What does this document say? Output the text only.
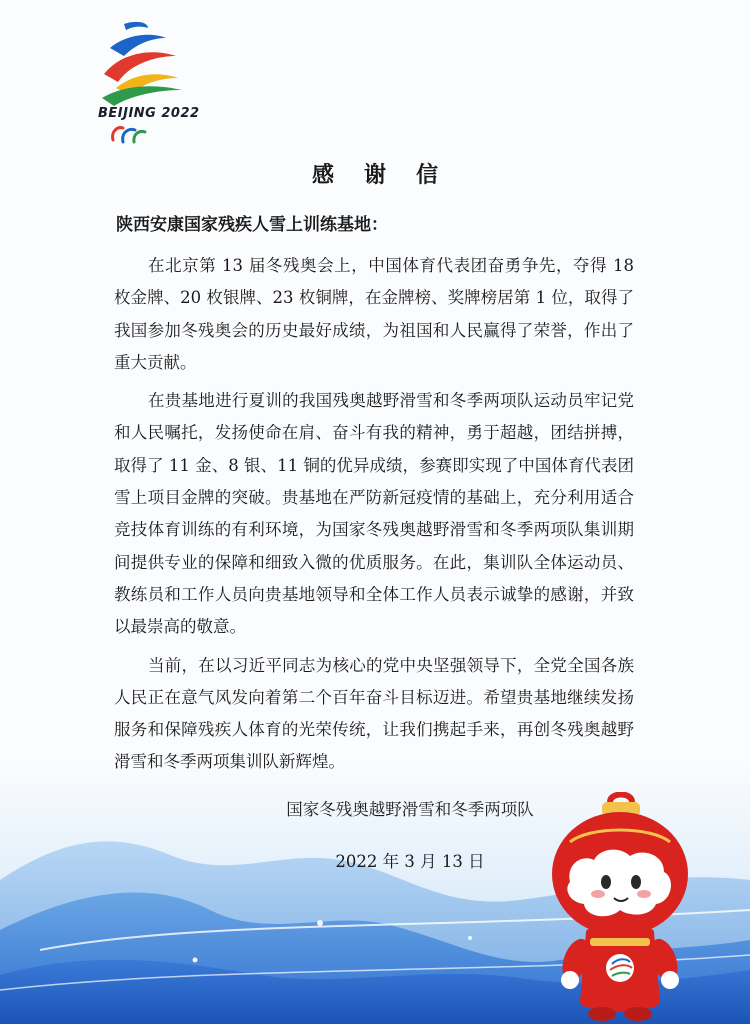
BEIJING 2022
感谢信
陕西安康国家残疾人雪上训练基地：

在北京第 13 届冬残奥会上，中国体育代表团奋勇争先，夺得 18 枚金牌、20 枚银牌、23 枚铜牌，在金牌榜、奖牌榜居第 1 位，取得了我国参加冬残奥会的历史最好成绩，为祖国和人民赢得了荣誉，作出了重大贡献。

在贵基地进行夏训的我国残奥越野滑雪和冬季两项队运动员牢记党和人民嘱托，发扬使命在肩、奋斗有我的精神，勇于超越，团结拼搏，取得了 11 金、8 银、11 铜的优异成绩，参赛即实现了中国体育代表团雪上项目金牌的突破。贵基地在严防新冠疫情的基础上，充分利用适合竞技体育训练的有利环境，为国家冬残奥越野滑雪和冬季两项队集训期间提供专业的保障和细致入微的优质服务。在此，集训队全体运动员、教练员和工作人员向贵基地领导和全体工作人员表示诚挚的感谢，并致以最崇高的敬意。

当前，在以习近平同志为核心的党中央坚强领导下，全党全国各族人民正在意气风发向着第二个百年奋斗目标迈进。希望贵基地继续发扬服务和保障残疾人体育的光荣传统，让我们携起手来，再创冬残奥越野滑雪和冬季两项集训队新辉煌。

国家冬残奥越野滑雪和冬季两项队
2022 年 3 月 13 日
